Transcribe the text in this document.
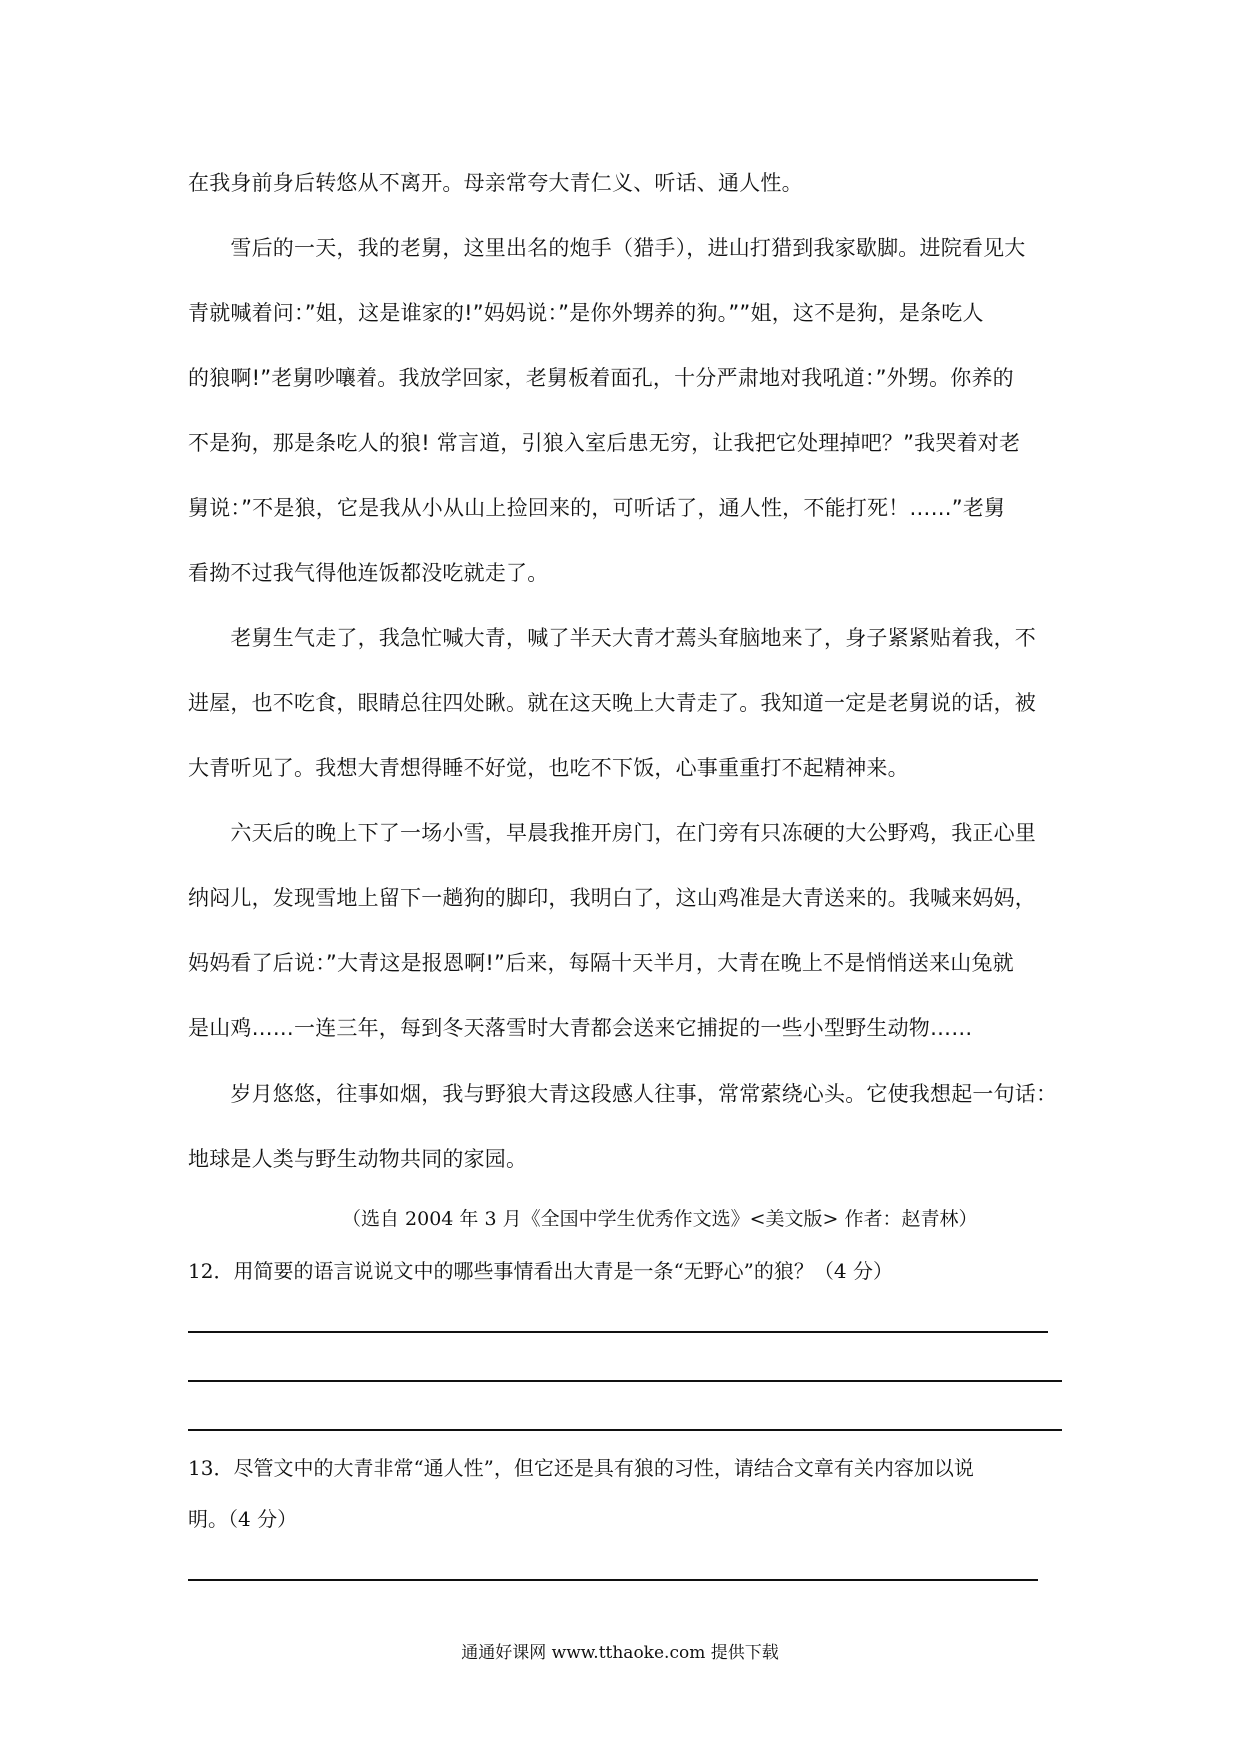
在我身前身后转悠从不离开。母亲常夸大青仁义、听话、通人性。
　　雪后的一天，我的老舅，这里出名的炮手（猎手），进山打猎到我家歇脚。进院看见大
青就喊着问：”姐，这是谁家的!”妈妈说：”是你外甥养的狗。””姐，这不是狗，是条吃人
的狼啊!”老舅吵嚷着。我放学回家，老舅板着面孔，十分严肃地对我吼道：”外甥。你养的
不是狗，那是条吃人的狼! 常言道，引狼入室后患无穷，让我把它处理掉吧？”我哭着对老
舅说：”不是狼，它是我从小从山上捡回来的，可听话了，通人性，不能打死！……”老舅
看拗不过我气得他连饭都没吃就走了。
　　老舅生气走了，我急忙喊大青，喊了半天大青才蔫头耷脑地来了，身子紧紧贴着我，不
进屋，也不吃食，眼睛总往四处瞅。就在这天晚上大青走了。我知道一定是老舅说的话，被
大青听见了。我想大青想得睡不好觉，也吃不下饭，心事重重打不起精神来。
　　六天后的晚上下了一场小雪，早晨我推开房门，在门旁有只冻硬的大公野鸡，我正心里
纳闷儿，发现雪地上留下一趟狗的脚印，我明白了，这山鸡准是大青送来的。我喊来妈妈，
妈妈看了后说：”大青这是报恩啊!”后来，每隔十天半月，大青在晚上不是悄悄送来山兔就
是山鸡……一连三年，每到冬天落雪时大青都会送来它捕捉的一些小型野生动物……
　　岁月悠悠，往事如烟，我与野狼大青这段感人往事，常常萦绕心头。它使我想起一句话：
地球是人类与野生动物共同的家园。
（选自 2004 年 3 月《全国中学生优秀作文选》<美文版> 作者：赵青林）
12．用简要的语言说说文中的哪些事情看出大青是一条“无野心”的狼？（4 分）
13．尽管文中的大青非常“通人性”，但它还是具有狼的习性，请结合文章有关内容加以说
明。（4 分）
通通好课网 www.tthaoke.com 提供下载
